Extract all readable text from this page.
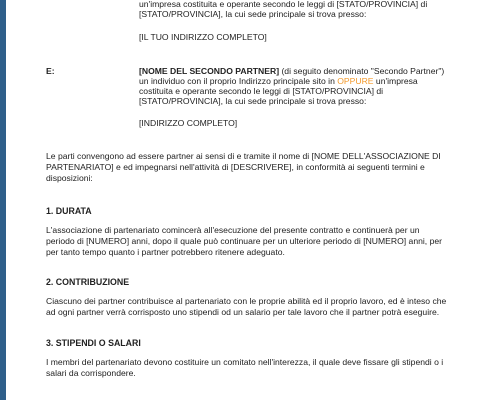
un'impresa costituita e operante secondo le leggi di [STATO/PROVINCIA] di
[STATO/PROVINCIA], la cui sede principale si trova presso:
[IL TUO INDIRIZZO COMPLETO]
E:	[NOME DEL SECONDO PARTNER] (di seguito denominato "Secondo Partner")
un individuo con il proprio Indirizzo principale sito in OPPURE un'impresa
costituita e operante secondo le leggi di [STATO/PROVINCIA] di
[STATO/PROVINCIA], la cui sede principale si trova presso:
[INDIRIZZO COMPLETO]
Le parti convengono ad essere partner ai sensi di e tramite il nome di [NOME DELL'ASSOCIAZIONE DI
PARTENARIATO] e ed impegnarsi nell'attività di [DESCRIVERE], in conformità ai seguenti termini e
disposizioni:
1. DURATA
L'associazione di partenariato comincerà all'esecuzione del presente contratto e continuerà per un
periodo di [NUMERO] anni, dopo il quale può continuare per un ulteriore periodo di [NUMERO] anni, per
per tanto tempo quanto i partner potrebbero ritenere adeguato.
2. CONTRIBUZIONE
Ciascuno dei partner contribuisce al partenariato con le proprie abilità ed il proprio lavoro, ed è inteso che
ad ogni partner verrà corrisposto uno stipendi od un salario per tale lavoro che il partner potrà eseguire.
3. STIPENDI O SALARI
I membri del partenariato devono costituire un comitato nell'interezza, il quale deve fissare gli stipendi o i
salari da corrispondere.
